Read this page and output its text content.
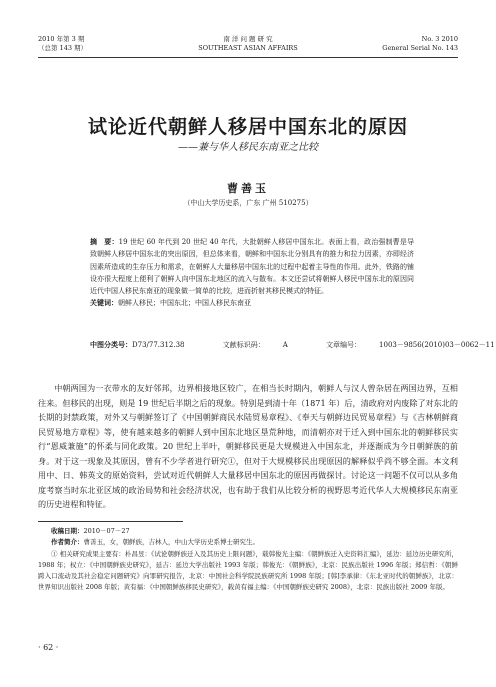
2010 年第 3 期
（总第 143 期）
南 洋 问 题 研 究
SOUTHEAST ASIAN AFFAIRS
No. 3 2010
General Serial No. 143
试论近代朝鲜人移居中国东北的原因
——兼与华人移民东南亚之比较
曹善玉
（中山大学历史系，广东 广州 510275）
摘　要：19 世纪 60 年代到 20 世纪 40 年代，大批朝鲜人移居中国东北。表面上看，政治强制曹是导致朝鲜人移居中国东北的突出原因，但总体来看，朝鲜和中国东北分别具有的推力和拉力因素，亦即经济因素所造成的生存压力和需求，在朝鲜人大量移居中国东北的过程中起着主导性的作用。此外，铁路的铺设亦很大程度上便利了朝鲜人向中国东北地区的流入与散布。本文还尝试将朝鲜人移民中国东北的原因同近代中国人移民东南亚的现象做一简单的比较，进而折射其移民模式的特征。
关键词：朝鲜人移民；中国东北；中国人移民东南亚
中图分类号：D73/77.312.38	文献标识码：	A	文章编号：	1003－9856(2010)03－0062－11

中朝两国为一衣带水的友好邻邦，边界相接地区较广，在相当长时期内，朝鲜人与汉人曾杂居在两国边界，互相往来。但移民的出现，则是 19 世纪后半期之后的现象。特别是到清十年（1871 年）后，清政府对内废除了对东北的长期的封禁政策，对外又与朝鲜签订了《中国朝鲜商民水陆贸易章程》、《奉天与朝鲜边民贸易章程》与《吉林朝鲜商民贸易地方章程》等，使有越来越多的朝鲜人到中国东北地区垦荒种地，而清朝亦对于迁入到中国东北的朝鲜移民实行“恩威兼施”的怀柔与同化政策。20 世纪上半叶，朝鲜移民更是大规模进入中国东北，并逐渐成为今日朝鲜族的前身。对于这一现象及其原因，曾有不少学者进行研究①，但对于大规模移民出现原因的解释似乎尚不够全面。本文利用中、日、韩英文的原始资料，尝试对近代朝鲜人大量移居中国东北的原因再做探讨。讨论这一问题不仅可以从多角度考察当时东北亚区域的政治局势和社会经济状况，也有助于我们从比较分析的视野思考近代华人大规模移民东南亚的历史进程和特征。

收稿日期：2010－07－27

作者简介：曹善玉，女，朝鲜族，吉林人，中山大学历史系博士研究生。

① 相关研究成果主要有：朴昌昱：《试论朝鲜族迁入及其历史上限问题》，载韩俊光主编：《朝鲜族迁入史资料汇编》，延边：延边历史研究所，1988 年；权立：《中国朝鲜族史研究》，延吉：延边大学出版社 1993 年版；韩俊光：《朝鲜族》，北京：民族出版社 1996 年版；郑信哲：《朝鲜跨入口流动及其社会稳定问题研究》向罪研究报告，北京：中国社会科学院民族研究所 1998 年版；[韩]李承律：《东北亚时代的朝鲜族》，北京：世界知识出版社 2008 年版；黄有福：《中国朝鲜族移民史研究》，载黄有福主编：《中国朝鲜族史研究 2008》，北京：民族出版社 2009 年版。

· 62 ·
